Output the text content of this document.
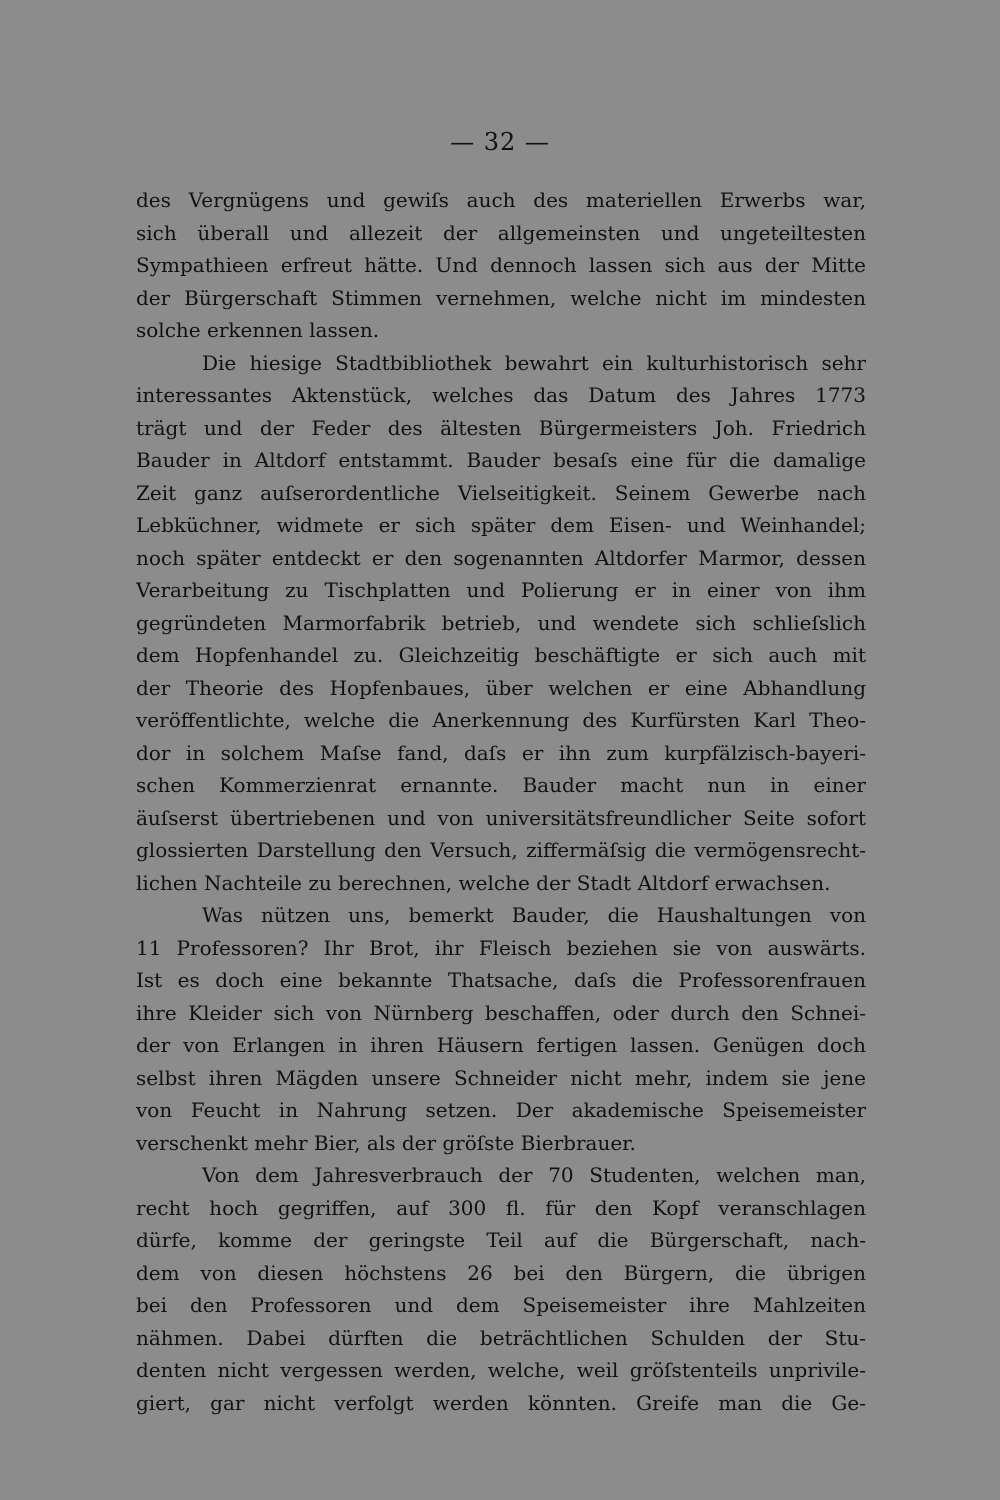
— 32 —
des Vergnügens und gewiſs auch des materiellen Erwerbs war,
sich überall und allezeit der allgemeinsten und ungeteiltesten
Sympathieen erfreut hätte. Und dennoch lassen sich aus der Mitte
der Bürgerschaft Stimmen vernehmen, welche nicht im mindesten
solche erkennen lassen.
Die hiesige Stadtbibliothek bewahrt ein kulturhistorisch sehr
interessantes Aktenstück, welches das Datum des Jahres 1773
trägt und der Feder des ältesten Bürgermeisters Joh. Friedrich
Bauder in Altdorf entstammt. Bauder besaſs eine für die damalige
Zeit ganz auſserordentliche Vielseitigkeit. Seinem Gewerbe nach
Lebküchner, widmete er sich später dem Eisen- und Weinhandel;
noch später entdeckt er den sogenannten Altdorfer Marmor, dessen
Verarbeitung zu Tischplatten und Polierung er in einer von ihm
gegründeten Marmorfabrik betrieb, und wendete sich schlieſslich
dem Hopfenhandel zu. Gleichzeitig beschäftigte er sich auch mit
der Theorie des Hopfenbaues, über welchen er eine Abhandlung
veröffentlichte, welche die Anerkennung des Kurfürsten Karl Theo-
dor in solchem Maſse fand, daſs er ihn zum kurpfälzisch-bayeri-
schen Kommerzienrat ernannte. Bauder macht nun in einer
äuſserst übertriebenen und von universitätsfreundlicher Seite sofort
glossierten Darstellung den Versuch, ziffermäſsig die vermögensrecht-
lichen Nachteile zu berechnen, welche der Stadt Altdorf erwachsen.
Was nützen uns, bemerkt Bauder, die Haushaltungen von
11 Professoren? Ihr Brot, ihr Fleisch beziehen sie von auswärts.
Ist es doch eine bekannte Thatsache, daſs die Professorenfrauen
ihre Kleider sich von Nürnberg beschaffen, oder durch den Schnei-
der von Erlangen in ihren Häusern fertigen lassen. Genügen doch
selbst ihren Mägden unsere Schneider nicht mehr, indem sie jene
von Feucht in Nahrung setzen. Der akademische Speisemeister
verschenkt mehr Bier, als der gröſste Bierbrauer.
Von dem Jahresverbrauch der 70 Studenten, welchen man,
recht hoch gegriffen, auf 300 fl. für den Kopf veranschlagen
dürfe, komme der geringste Teil auf die Bürgerschaft, nach-
dem von diesen höchstens 26 bei den Bürgern, die übrigen
bei den Professoren und dem Speisemeister ihre Mahlzeiten
nähmen. Dabei dürften die beträchtlichen Schulden der Stu-
denten nicht vergessen werden, welche, weil gröſstenteils unprivile-
giert, gar nicht verfolgt werden könnten. Greife man die Ge-
